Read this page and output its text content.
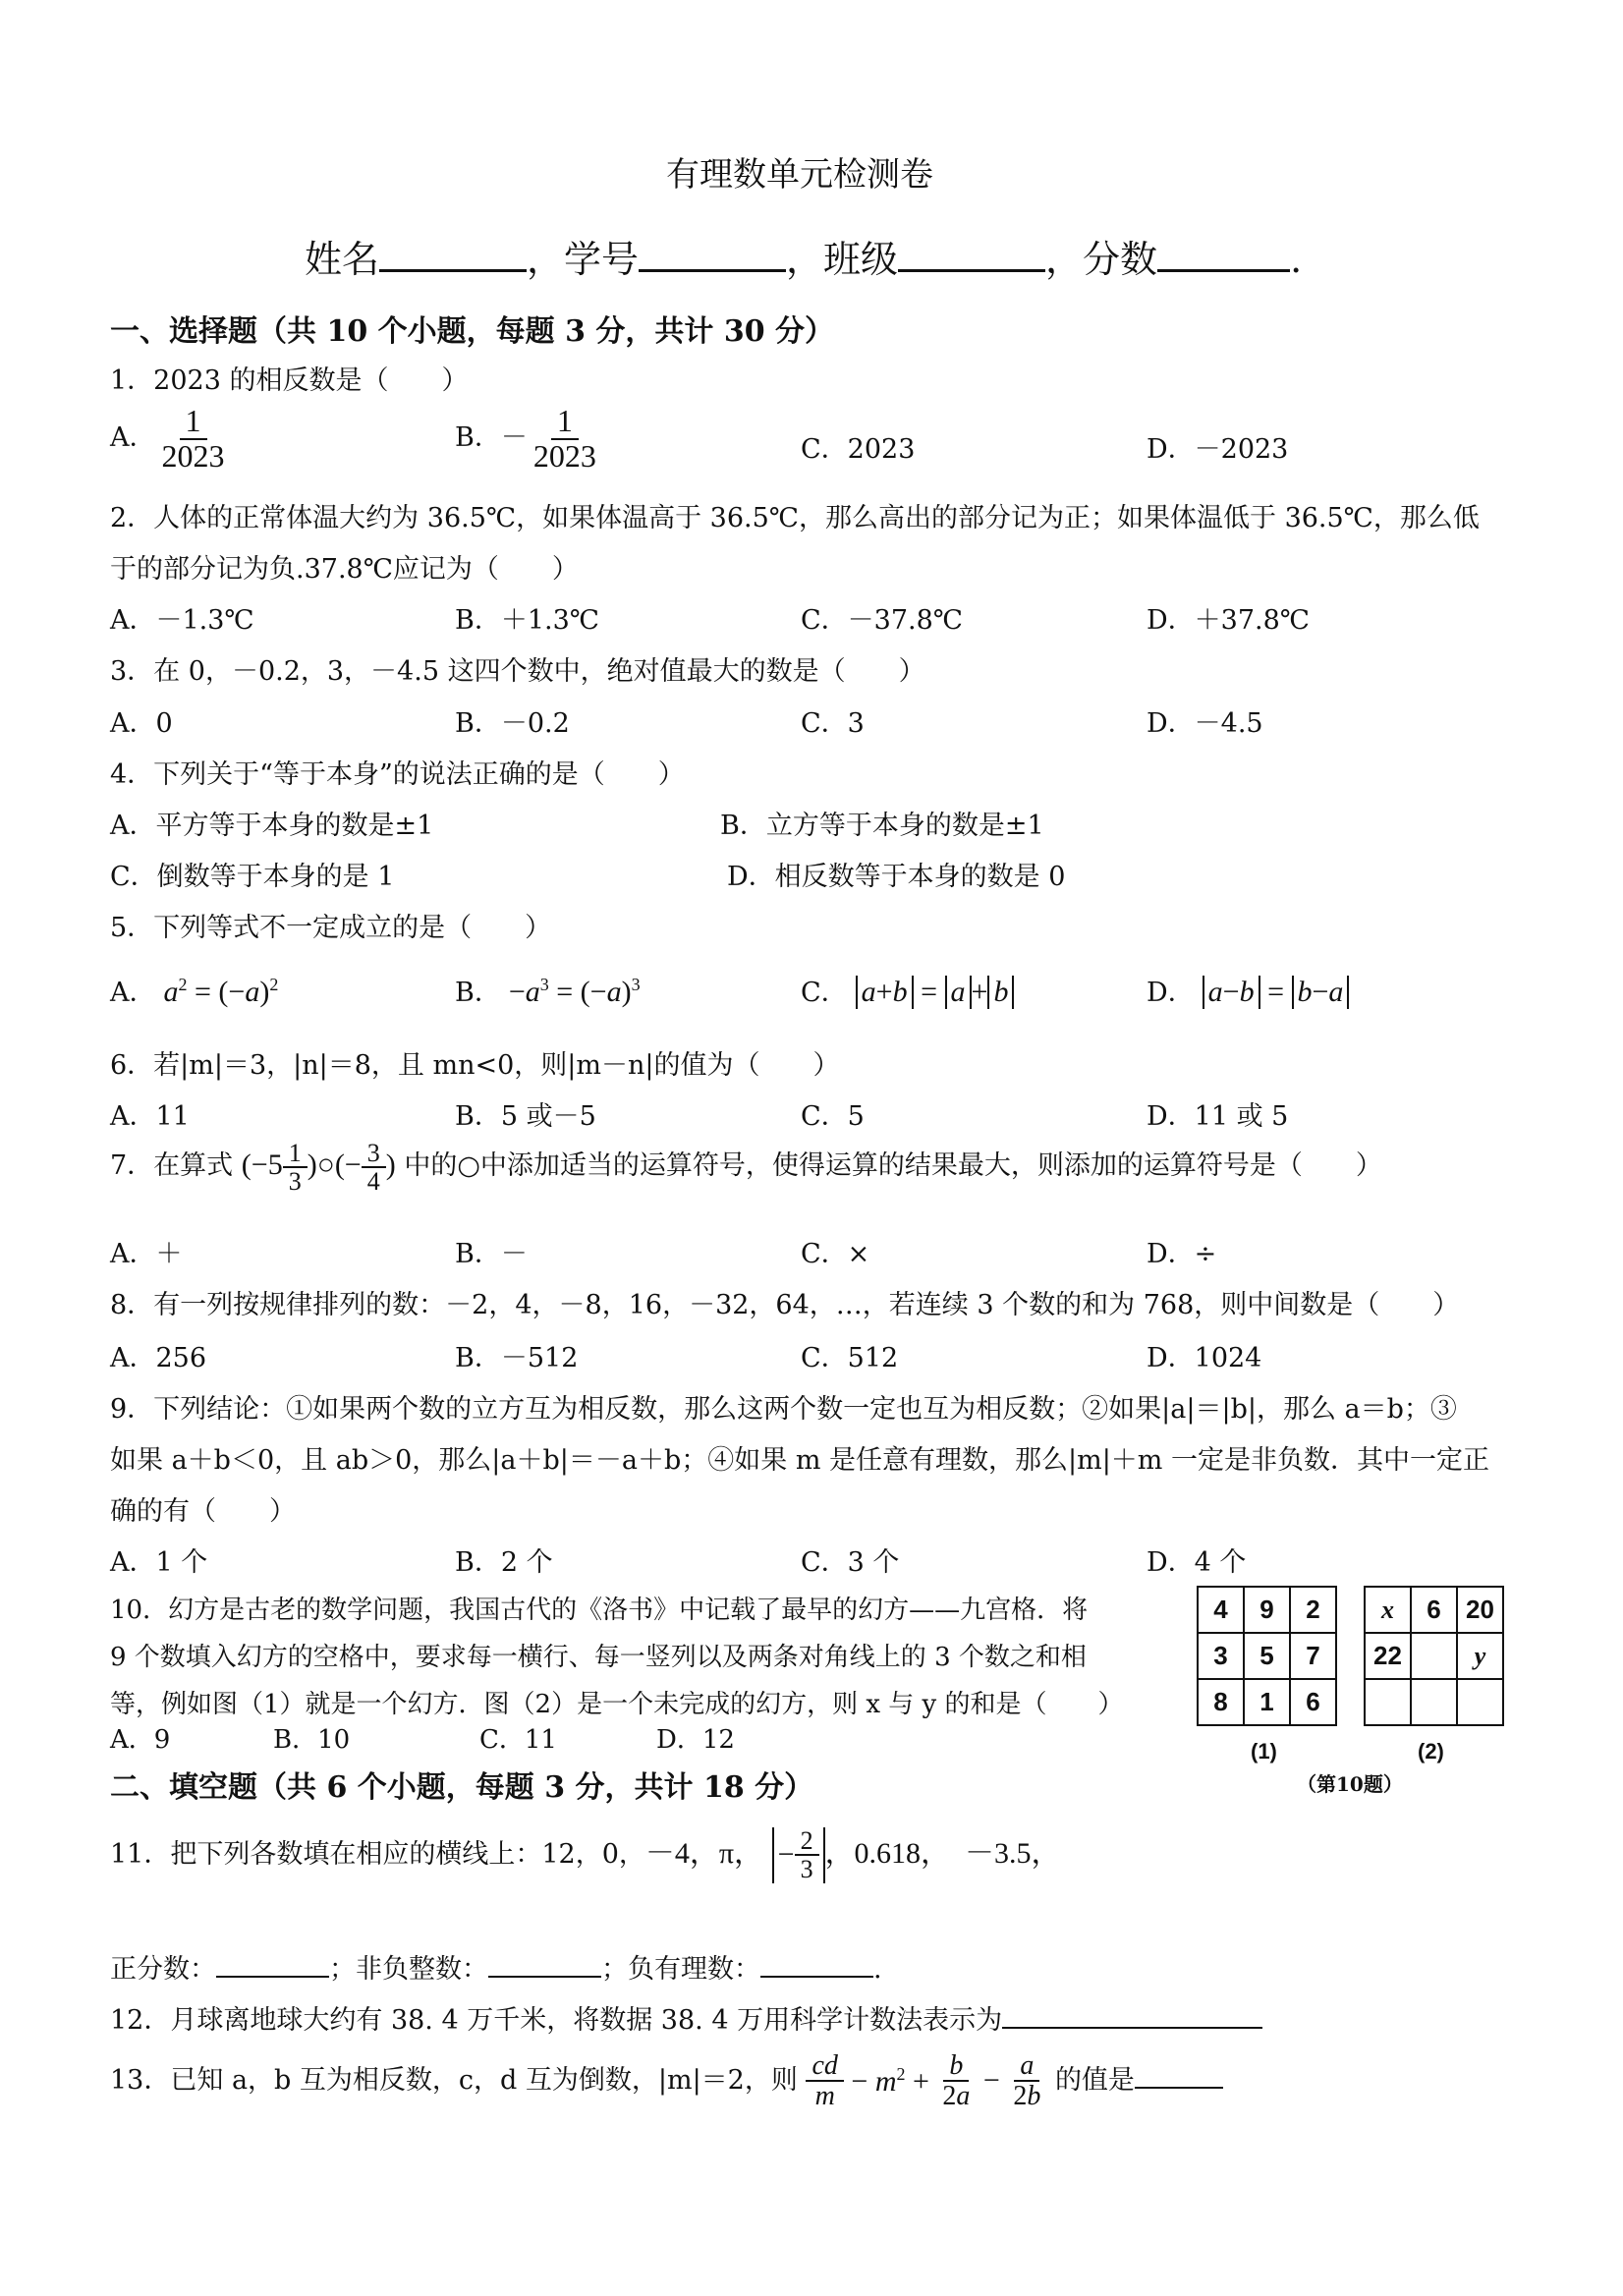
有理数单元检测卷
姓名	，学号	，班级	，分数	.
一、选择题（共 10 个小题，每题 3 分，共计 30 分）
1．2023 的相反数是（　　）
A． $\frac{1}{2023}$	B．－ $\frac{1}{2023}$	C．2023	D．－2023
2．人体的正常体温大约为 36.5℃，如果体温高于 36.5℃，那么高出的部分记为正；如果体温低于 36.5℃，那么低
于的部分记为负.37.8℃应记为（　　）
A．－1.3℃	B．＋1.3℃	C．－37.8℃	D．＋37.8℃
3．在 0，－0.2，3，－4.5 这四个数中，绝对值最大的数是（　　）
A．0	B．－0.2	C．3	D．－4.5
4．下列关于“等于本身”的说法正确的是（　　）
A．平方等于本身的数是±1	B．立方等于本身的数是±1
C．倒数等于本身的是 1	D．相反数等于本身的数是 0
5．下列等式不一定成立的是（　　）
A． $a^2 = (-a)^2$	B． $-a^3 = (-a)^3$	C． a+b = a + b	D． a−b = b−a
6．若|m|＝3，|n|＝8，且 mn<0，则|m－n|的值为（　　）
A．11	B．5 或－5	C．5	D．11 或 5
7．在算式 ($-5 \frac{1}{3}$ )○(− $\frac{3}{4}$ ) 中的○中添加适当的运算符号，使得运算的结果最大，则添加的运算符号是（　　）
A．＋	B．－	C．×	D．÷
8．有一列按规律排列的数：－2，4，－8，16，－32，64，…，若连续 3 个数的和为 768，则中间数是（　　）
A．256	B．－512	C．512	D．1024
9．下列结论：①如果两个数的立方互为相反数，那么这两个数一定也互为相反数；②如果|a|＝|b|，那么 a＝b；③
如果 a＋b＜0，且 ab＞0，那么|a＋b|＝－a＋b；④如果 m 是任意有理数，那么|m|＋m 一定是非负数．其中一定正
确的有（　　）
A．1 个	B．2 个	C．3 个	D．4 个
10．幻方是古老的数学问题，我国古代的《洛书》中记载了最早的幻方——九宫格．将
9 个数填入幻方的空格中，要求每一横行、每一竖列以及两条对角线上的 3 个数之和相
等，例如图（1）就是一个幻方．图（2）是一个未完成的幻方，则 x 与 y 的和是（　　）
A．9	B．10	C．11	D．12
4	9	2
3	5	7
8	1	6
x	6	20
22		y

(1)	(2)
（第10题）
二、填空题（共 6 个小题，每题 3 分，共计 18 分）
11．把下列各数填在相应的横线上：12，0，－4，π， − $\frac{2}{3}$ ，0.618，　－3.5，
正分数：	；非负整数：	；负有理数：	.
12．月球离地球大约有 38. 4 万千米，将数据 38. 4 万用科学计数法表示为
13．已知 a，b 互为相反数，c，d 互为倒数，|m|＝2，则 $\frac{cd}{m} - m^2 + \frac{b}{2a} - \frac{a}{2b}$ 的值是
